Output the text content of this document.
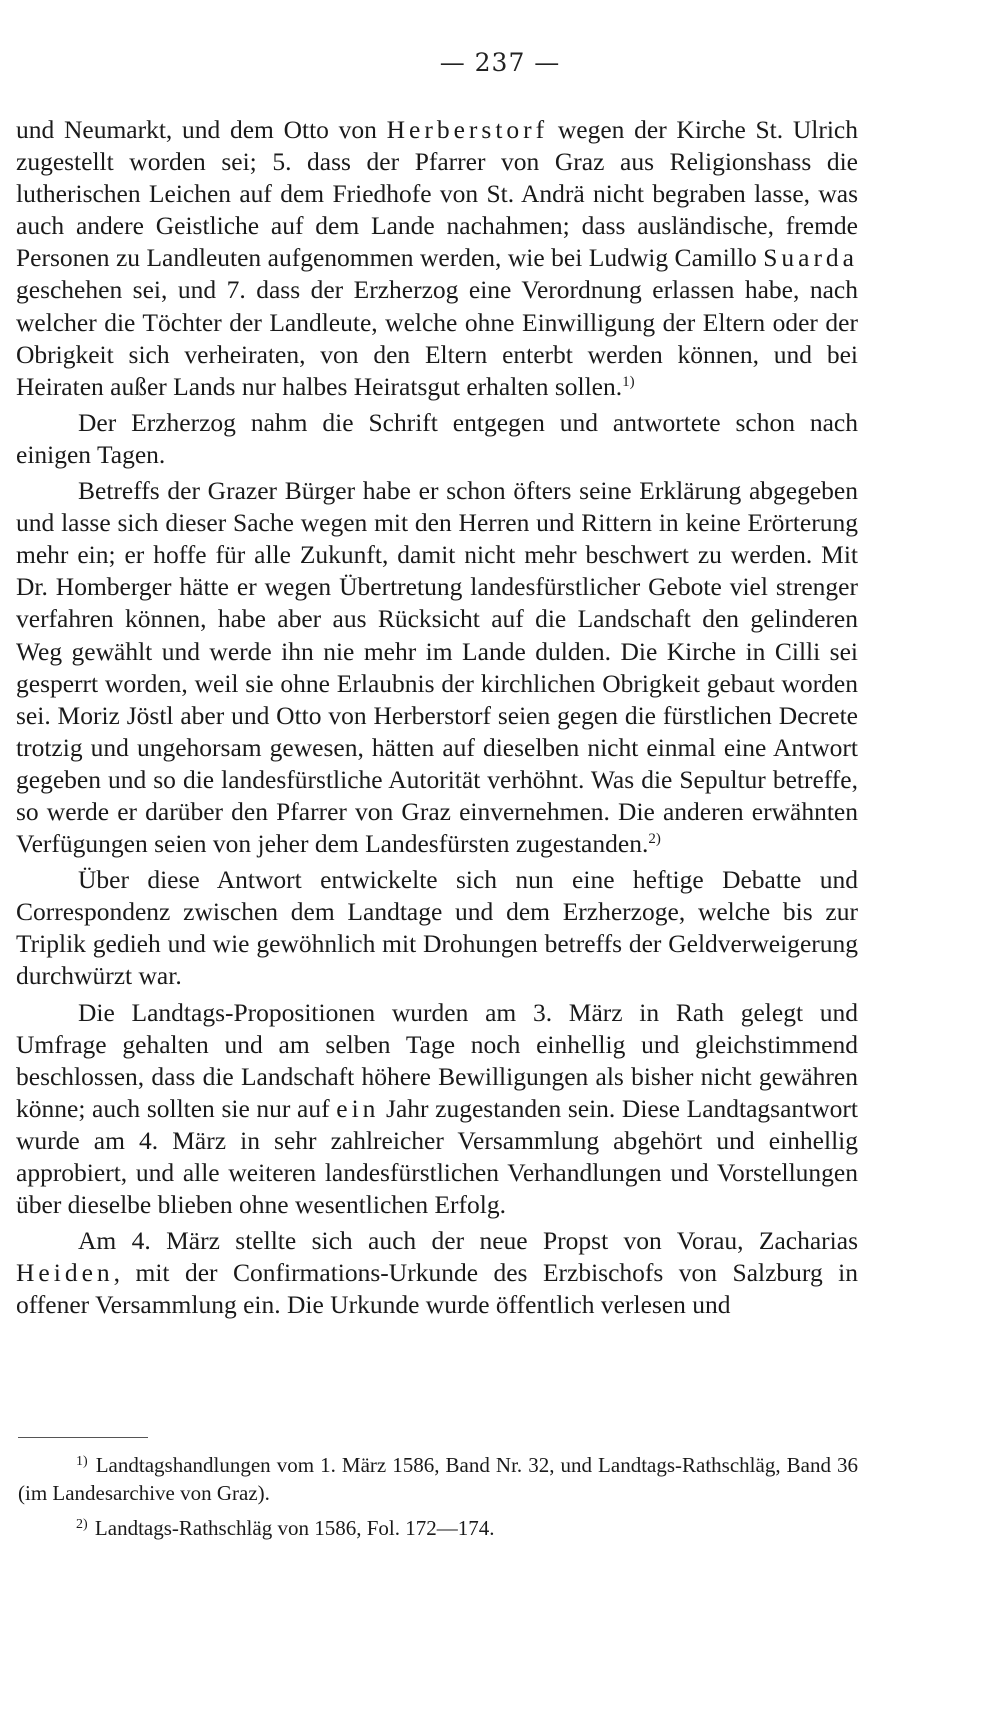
— 237 —

und Neumarkt, und dem Otto von Herberstorf wegen der Kirche St. Ulrich zugestellt worden sei; 5. dass der Pfarrer von Graz aus Religionshass die lutherischen Leichen auf dem Friedhofe von St. Andrä nicht begraben lasse, was auch andere Geistliche auf dem Lande nachahmen; dass ausländische, fremde Personen zu Landleuten aufgenommen werden, wie bei Ludwig Camillo Suarda geschehen sei, und 7. dass der Erzherzog eine Verordnung erlassen habe, nach welcher die Töchter der Landleute, welche ohne Einwilligung der Eltern oder der Obrigkeit sich verheiraten, von den Eltern enterbt werden können, und bei Heiraten außer Lands nur halbes Heiratsgut erhalten sollen.$^{1)}$

Der Erzherzog nahm die Schrift entgegen und antwortete schon nach einigen Tagen.

Betreffs der Grazer Bürger habe er schon öfters seine Erklärung abgegeben und lasse sich dieser Sache wegen mit den Herren und Rittern in keine Erörterung mehr ein; er hoffe für alle Zukunft, damit nicht mehr beschwert zu werden. Mit Dr. Homberger hätte er wegen Übertretung landesfürstlicher Gebote viel strenger verfahren können, habe aber aus Rücksicht auf die Landschaft den gelinderen Weg gewählt und werde ihn nie mehr im Lande dulden. Die Kirche in Cilli sei gesperrt worden, weil sie ohne Erlaubnis der kirchlichen Obrigkeit gebaut worden sei. Moriz Jöstl aber und Otto von Herberstorf seien gegen die fürstlichen Decrete trotzig und ungehorsam gewesen, hätten auf dieselben nicht einmal eine Antwort gegeben und so die landesfürstliche Autorität verhöhnt. Was die Sepultur betreffe, so werde er darüber den Pfarrer von Graz einvernehmen. Die anderen erwähnten Verfügungen seien von jeher dem Landesfürsten zugestanden.$^{2)}$

Über diese Antwort entwickelte sich nun eine heftige Debatte und Correspondenz zwischen dem Landtage und dem Erzherzoge, welche bis zur Triplik gedieh und wie gewöhnlich mit Drohungen betreffs der Geldverweigerung durchwürzt war.

Die Landtags-Propositionen wurden am 3. März in Rath gelegt und Umfrage gehalten und am selben Tage noch einhellig und gleichstimmend beschlossen, dass die Landschaft höhere Bewilligungen als bisher nicht gewähren könne; auch sollten sie nur auf ein Jahr zugestanden sein. Diese Landtagsantwort wurde am 4. März in sehr zahlreicher Versammlung abgehört und einhellig approbiert, und alle weiteren landesfürstlichen Verhandlungen und Vorstellungen über dieselbe blieben ohne wesentlichen Erfolg.

Am 4. März stellte sich auch der neue Propst von Vorau, Zacharias Heiden, mit der Confirmations-Urkunde des Erzbischofs von Salzburg in offener Versammlung ein. Die Urkunde wurde öffentlich verlesen und

$^{1)}$ Landtagshandlungen vom 1. März 1586, Band Nr. 32, und Landtags-Rathschläg, Band 36 (im Landesarchive von Graz).
$^{2)}$ Landtags-Rathschläg von 1586, Fol. 172—174.
